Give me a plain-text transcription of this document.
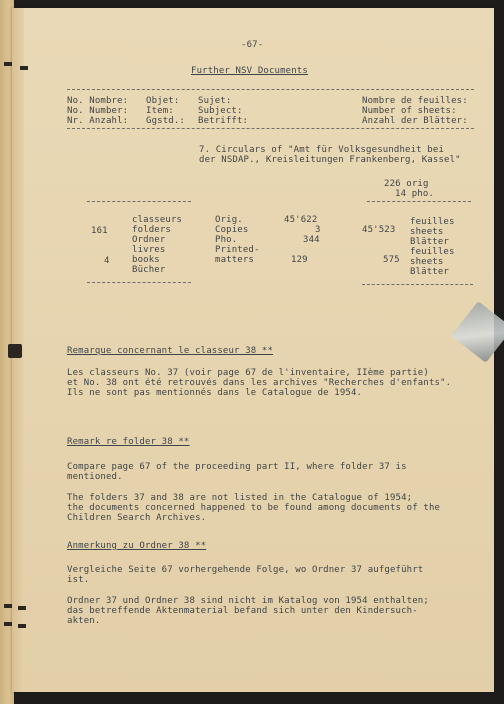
-67-
Further NSV Documents
No. Nombre:
No. Number:
Nr. Anzahl:
Objet:
Item:
Ggstd.:
Sujet:
Subject:
Betrifft:
Nombre de feuilles:
Number of sheets:
Anzahl der Blätter:
7. Circulars of "Amt für Volksgesundheit bei
der NSDAP., Kreisleitungen Frankenberg, Kassel"
226 orig
14 pho.
161
classeurs
folders
Ordner
4
livres
books
Bücher
Orig.
Copies
Pho.
Printed-
matters
45'622
3
344
129
45'523
575
feuilles
sheets
Blätter
feuilles
sheets
Blätter
Remarque concernant le classeur 38 **
Les classeurs No. 37 (voir page 67 de l'inventaire, IIème partie)
et No. 38 ont été retrouvés dans les archives "Recherches d'enfants".
Ils ne sont pas mentionnés dans le Catalogue de 1954.
Remark re folder 38 **
Compare page 67 of the proceeding part II, where folder 37 is
mentioned.
The folders 37 and 38 are not listed in the Catalogue of 1954;
the documents concerned happened to be found among documents of the
Children Search Archives.
Anmerkung zu Ordner 38 **
Vergleiche Seite 67 vorhergehende Folge, wo Ordner 37 aufgeführt
ist.
Ordner 37 und Ordner 38 sind nicht im Katalog von 1954 enthalten;
das betreffende Aktenmaterial befand sich unter den Kindersuch-
akten.
